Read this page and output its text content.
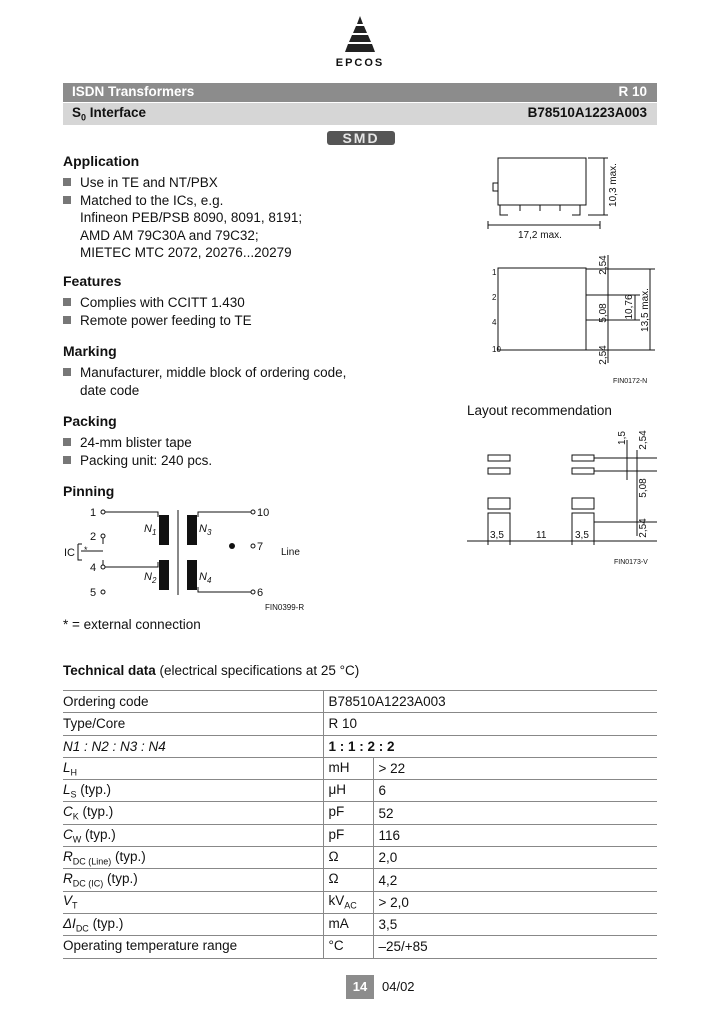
EPCOS
ISDN Transformers	R 10
$S_0$ Interface	B78510A1223A003
SMD
Application
Use in TE and NT/PBX
Matched to the ICs, e.g.
Infineon PEB/PSB 8090, 8091, 8191;
AMD AM 79C30A and 79C32;
MIETEC MTC 2072, 20276...20279
Features
Complies with CCITT 1.430
Remote power feeding to TE
Marking
Manufacturer, middle block of ordering code,
date code
Packing
24-mm blister tape
Packing unit: 240 pcs.
Pinning
1
2
4
5
10
7
6
IC *	Line
$N_1$
$N_2$
$N_3$
$N_4$
FIN0399-R
* = external connection
10,3 max.
17,2 max.
2,54
5,08 10,76 13,5 max.
2,54
1
2
4
10
FIN0172-N
Layout recommendation
1,5 2,54
5,08
2,54
3,5	11	3,5
FIN0173-V
Technical data (electrical specifications at 25 °C)
Ordering code	B78510A1223A003	
Type/Core	R 10	
N1 : N2 : N3 : N4	1 : 1 : 2 : 2	
$L_H$	mH	> 22
$L_S$ (typ.)	μH	6
$C_K$ (typ.)	pF	52
$C_W$ (typ.)	pF	116
$R_{DC (Line)}$ (typ.)	Ω	2,0
$R_{DC (IC)}$ (typ.)	Ω	4,2
$V_T$	$kV_{AC}$	> 2,0
$\Delta I_{DC}$ (typ.)	mA	3,5
Operating temperature range	°C	–25/+85
14	04/02
